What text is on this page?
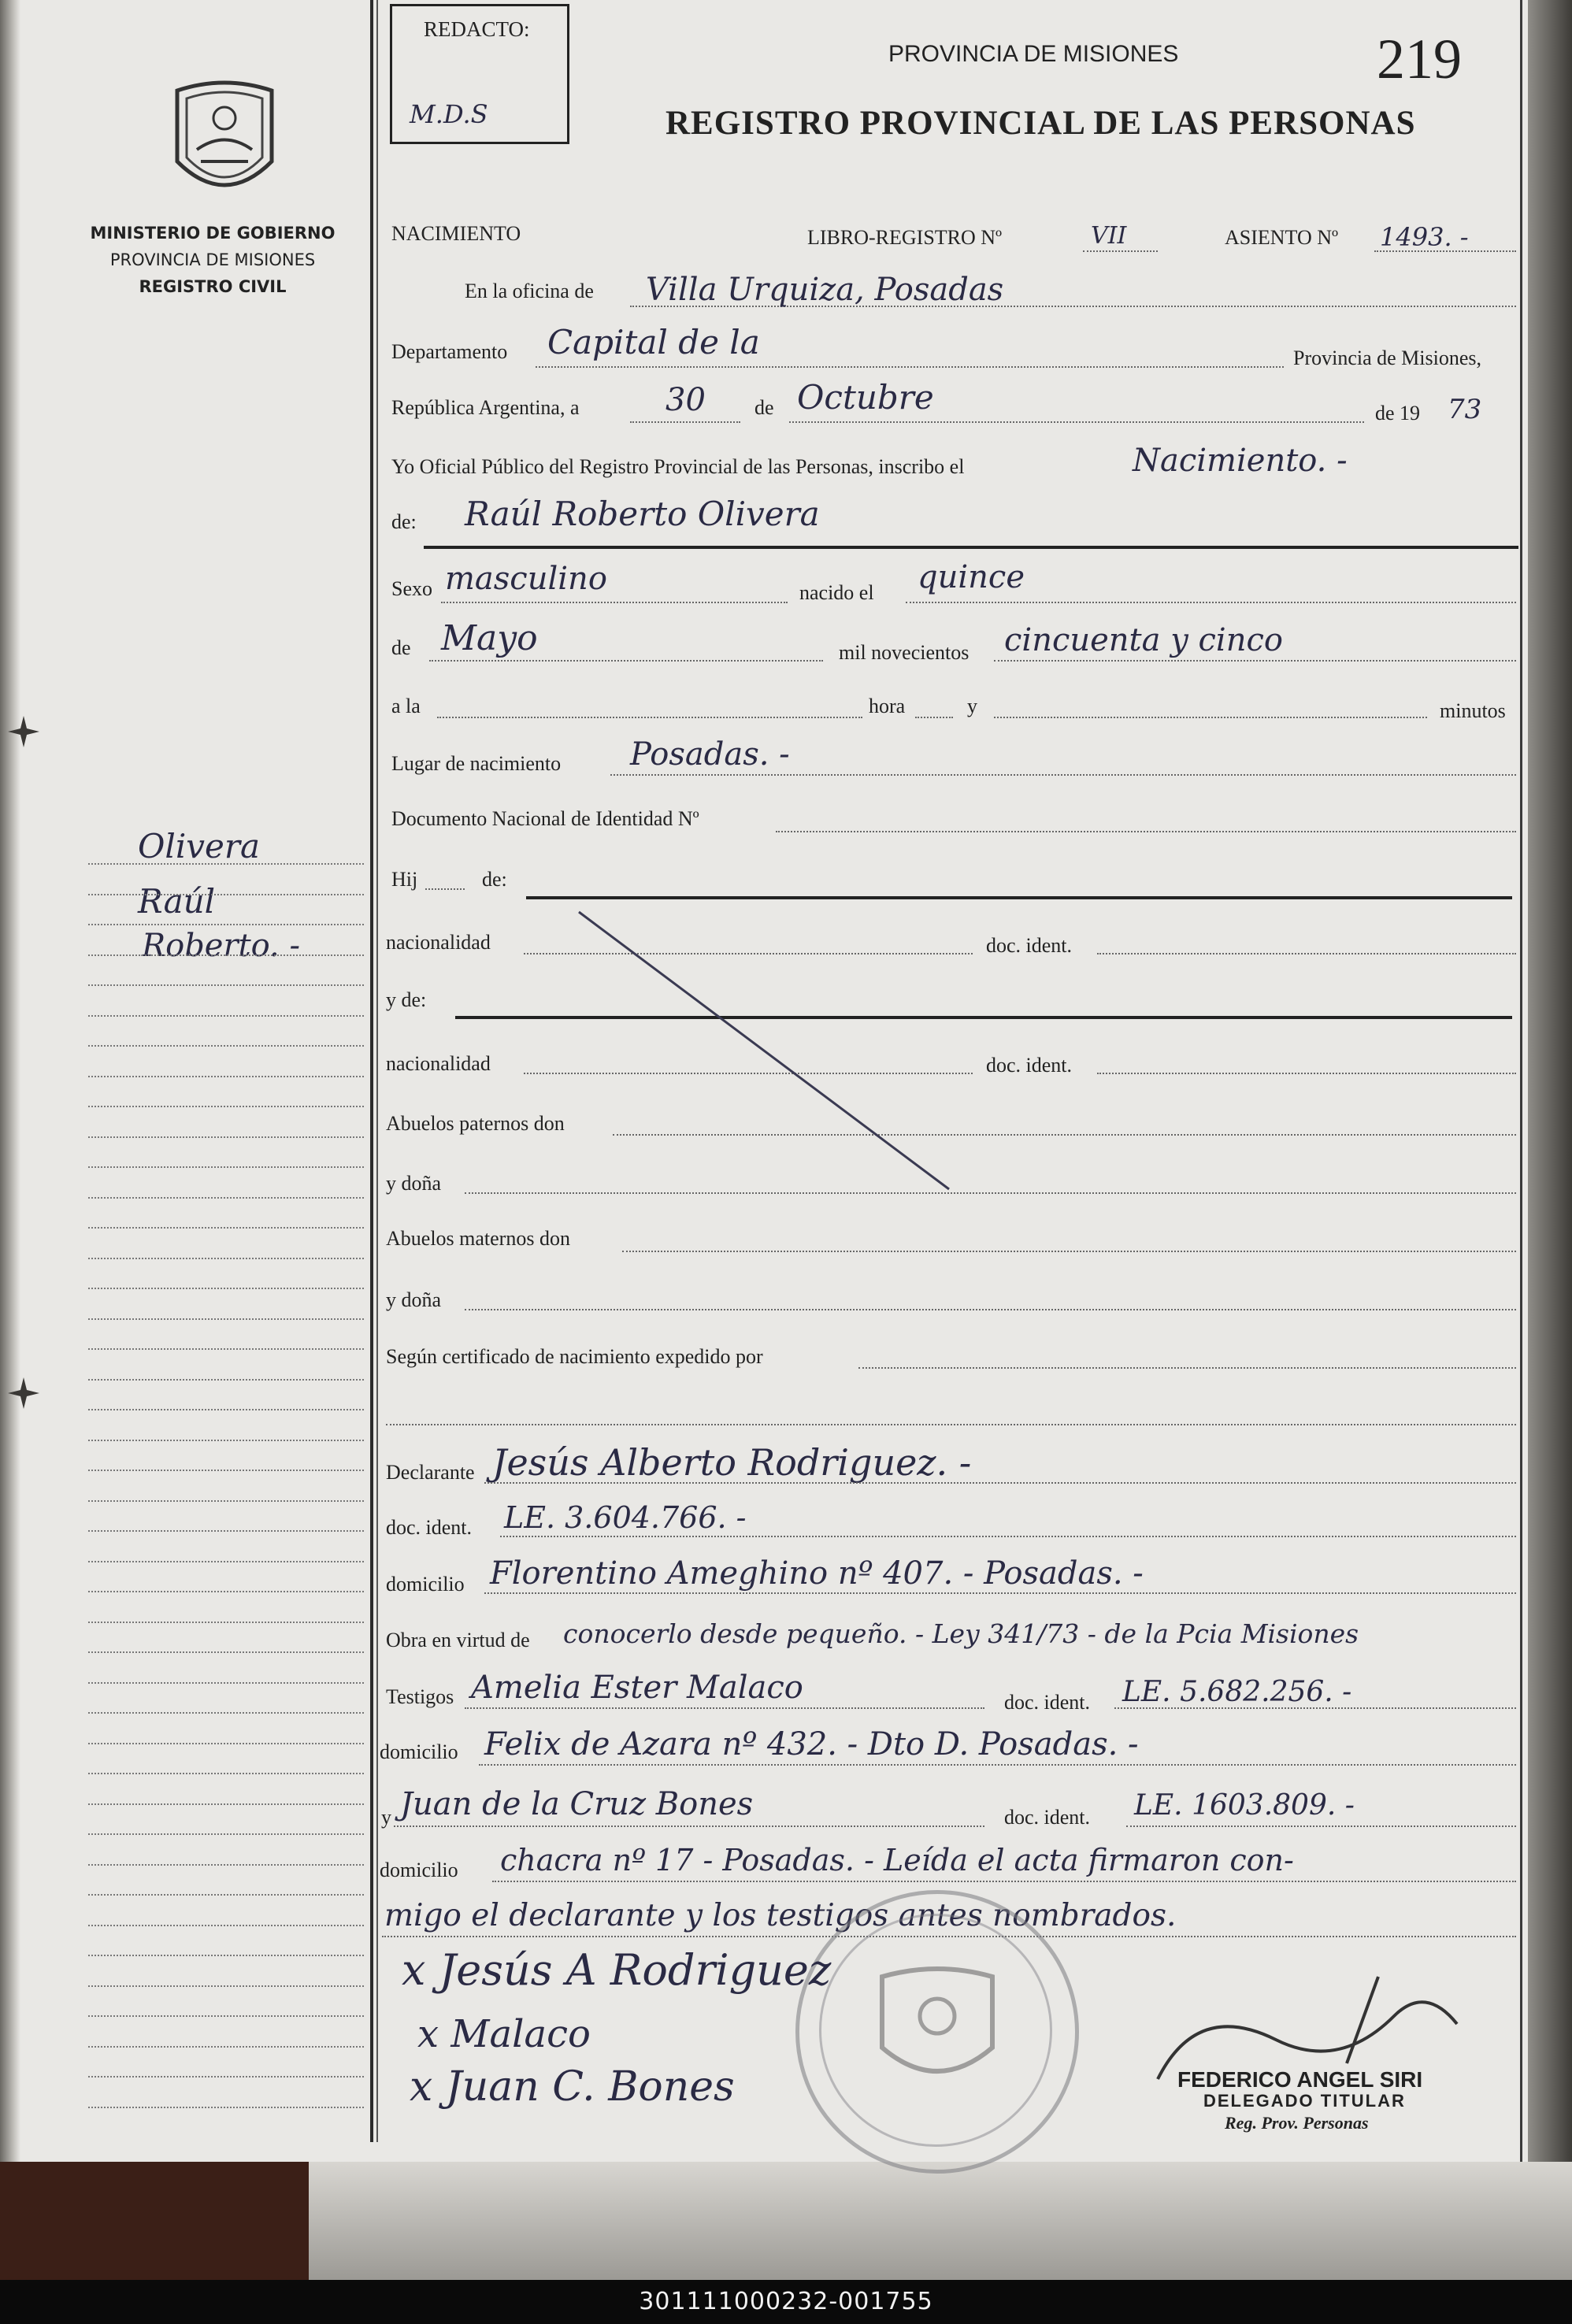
MINISTERIO DE GOBIERNO
PROVINCIA DE MISIONES
REGISTRO CIVIL
Olivera
Raúl
Roberto. -
REDACTO:
M.D.S
PROVINCIA DE MISIONES	219
REGISTRO PROVINCIAL DE LAS PERSONAS
NACIMIENTO	LIBRO-REGISTRO Nº	VII	ASIENTO Nº 1493. -
En la oficina de Villa Urquiza, Posadas
Departamento Capital de la	Provincia de Misiones,
República Argentina, a	30 de Octubre	de 19 73
Yo Oficial Público del Registro Provincial de las Personas, inscribo el	Nacimiento. -
de: Raúl Roberto Olivera
Sexo masculino	nacido el quince
de Mayo	mil novecientos cincuenta y cinco
a la	hora	y	minutos
Lugar de nacimiento Posadas. -
Documento Nacional de Identidad Nº
Hij	de:
nacionalidad	doc. ident.
y de:
nacionalidad	doc. ident.
Abuelos paternos don
y doña
Abuelos maternos don
y doña
Según certificado de nacimiento expedido por
Declarante Jesús Alberto Rodriguez. -
doc. ident. LE. 3.604.766. -
domicilio Florentino Ameghino nº 407. - Posadas. -
Obra en virtud de conocerlo desde pequeño. - Ley 341/73 - de la Pcia Misiones
Testigos Amelia Ester Malaco	doc. ident. LE. 5.682.256. -
domicilio Felix de Azara nº 432. - Dto D. Posadas. -
y Juan de la Cruz Bones	doc. ident. LE. 1603.809. -
domicilio chacra nº 17 - Posadas. - Leída el acta firmaron con-
migo el declarante y los testigos antes nombrados.
x Jesús A Rodriguez
x Malaco
x Juan C. Bones	FEDERICO ANGEL SIRI
DELEGADO TITULAR
Reg. Prov. Personas
301111000232-001755
